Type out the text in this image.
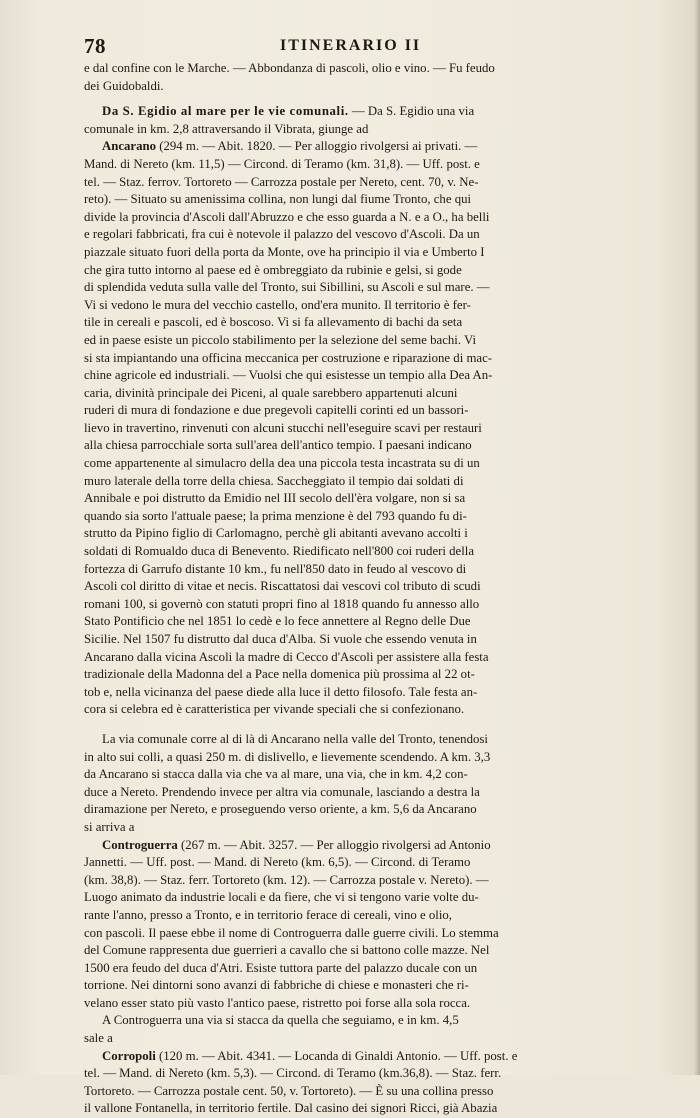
78	ITINERARIO II
e dal confine con le Marche. — Abbondanza di pascoli, olio e vino. — Fu feudo
dei Guidobaldi.
Da S. Egidio al mare per le vie comunali. — Da S. Egidio una via
comunale in km. 2,8 attraversando il Vibrata, giunge ad
Ancarano (294 m. — Abit. 1820. — Per alloggio rivolgersi ai privati. —
Mand. di Nereto (km. 11,5) — Circond. di Teramo (km. 31,8). — Uff. post. e
tel. — Staz. ferrov. Tortoreto — Carrozza postale per Nereto, cent. 70, v. Ne-
reto). — Situato su amenissima collina, non lungi dal fiume Tronto, che qui
divide la provincia d'Ascoli dall'Abruzzo e che esso guarda a N. e a O., ha belli
e regolari fabbricati, fra cui è notevole il palazzo del vescovo d'Ascoli. Da un
piazzale situato fuori della porta da Monte, ove ha principio il via e Umberto I
che gira tutto intorno al paese ed è ombreggiato da rubinie e gelsi, si gode
di splendida veduta sulla valle del Tronto, sui Sibillini, su Ascoli e sul mare. —
Vi si vedono le mura del vecchio castello, ond'era munito. Il territorio è fer-
tile in cereali e pascoli, ed è boscoso. Vi si fa allevamento di bachi da seta
ed in paese esiste un piccolo stabilimento per la selezione del seme bachi. Vi
si sta impiantando una officina meccanica per costruzione e riparazione di mac-
chine agricole ed industriali. — Vuolsi che qui esistesse un tempio alla Dea An-
caria, divinità principale dei Piceni, al quale sarebbero appartenuti alcuni
ruderi di mura di fondazione e due pregevoli capitelli corinti ed un bassori-
lievo in travertino, rinvenuti con alcuni stucchi nell'eseguire scavi per restauri
alla chiesa parrocchiale sorta sull'area dell'antico tempio. I paesani indicano
come appartenente al simulacro della dea una piccola testa incastrata su di un
muro laterale della torre della chiesa. Saccheggiato il tempio dai soldati di
Annibale e poi distrutto da Emidio nel III secolo dell'èra volgare, non si sa
quando sia sorto l'attuale paese; la prima menzione è del 793 quando fu di-
strutto da Pipino figlio di Carlomagno, perchè gli abitanti avevano accolti i
soldati di Romualdo duca di Benevento. Riedificato nell'800 coi ruderi della
fortezza di Garrufo distante 10 km., fu nell'850 dato in feudo al vescovo di
Ascoli col diritto di vitae et necis. Riscattatosi dai vescovi col tributo di scudi
romani 100, si governò con statuti propri fino al 1818 quando fu annesso allo
Stato Pontificio che nel 1851 lo cedè e lo fece annettere al Regno delle Due
Sicilie. Nel 1507 fu distrutto dal duca d'Alba. Si vuole che essendo venuta in
Ancarano dalla vicina Ascoli la madre di Cecco d'Ascoli per assistere alla festa
tradizionale della Madonna del a Pace nella domenica più prossima al 22 ot-
tob e, nella vicinanza del paese diede alla luce il detto filosofo. Tale festa an-
cora si celebra ed è caratteristica per vivande speciali che si confezionano.
La via comunale corre al di là di Ancarano nella valle del Tronto, tenendosi
in alto sui colli, a quasi 250 m. di dislivello, e lievemente scendendo. A km. 3,3
da Ancarano si stacca dalla via che va al mare, una via, che in km. 4,2 con-
duce a Nereto. Prendendo invece per altra via comunale, lasciando a destra la
diramazione per Nereto, e proseguendo verso oriente, a km. 5,6 da Ancarano
si arriva a
Controguerra (267 m. — Abit. 3257. — Per alloggio rivolgersi ad Antonio
Jannetti. — Uff. post. — Mand. di Nereto (km. 6,5). — Circond. di Teramo
(km. 38,8). — Staz. ferr. Tortoreto (km. 12). — Carrozza postale v. Nereto). —
Luogo animato da industrie locali e da fiere, che vi si tengono varie volte du-
rante l'anno, presso a Tronto, e in territorio ferace di cereali, vino e olio,
con pascoli. Il paese ebbe il nome di Controguerra dalle guerre civili. Lo stemma
del Comune rappresenta due guerrieri a cavallo che si battono colle mazze. Nel
1500 era feudo del duca d'Atri. Esiste tuttora parte del palazzo ducale con un
torrione. Nei dintorni sono avanzi di fabbriche di chiese e monasteri che ri-
velano esser stato più vasto l'antico paese, ristretto poi forse alla sola rocca.
A Controguerra una via si stacca da quella che seguiamo, e in km. 4,5
sale a
Corropoli (120 m. — Abit. 4341. — Locanda di Ginaldi Antonio. — Uff. post. e
tel. — Mand. di Nereto (km. 5,3). — Circond. di Teramo (km.36,8). — Staz. ferr.
Tortoreto. — Carrozza postale cent. 50, v. Tortoreto). — È su una collina presso
il vallone Fontanella, in territorio fertile. Dal casino dei signori Ricci, già Abazia
